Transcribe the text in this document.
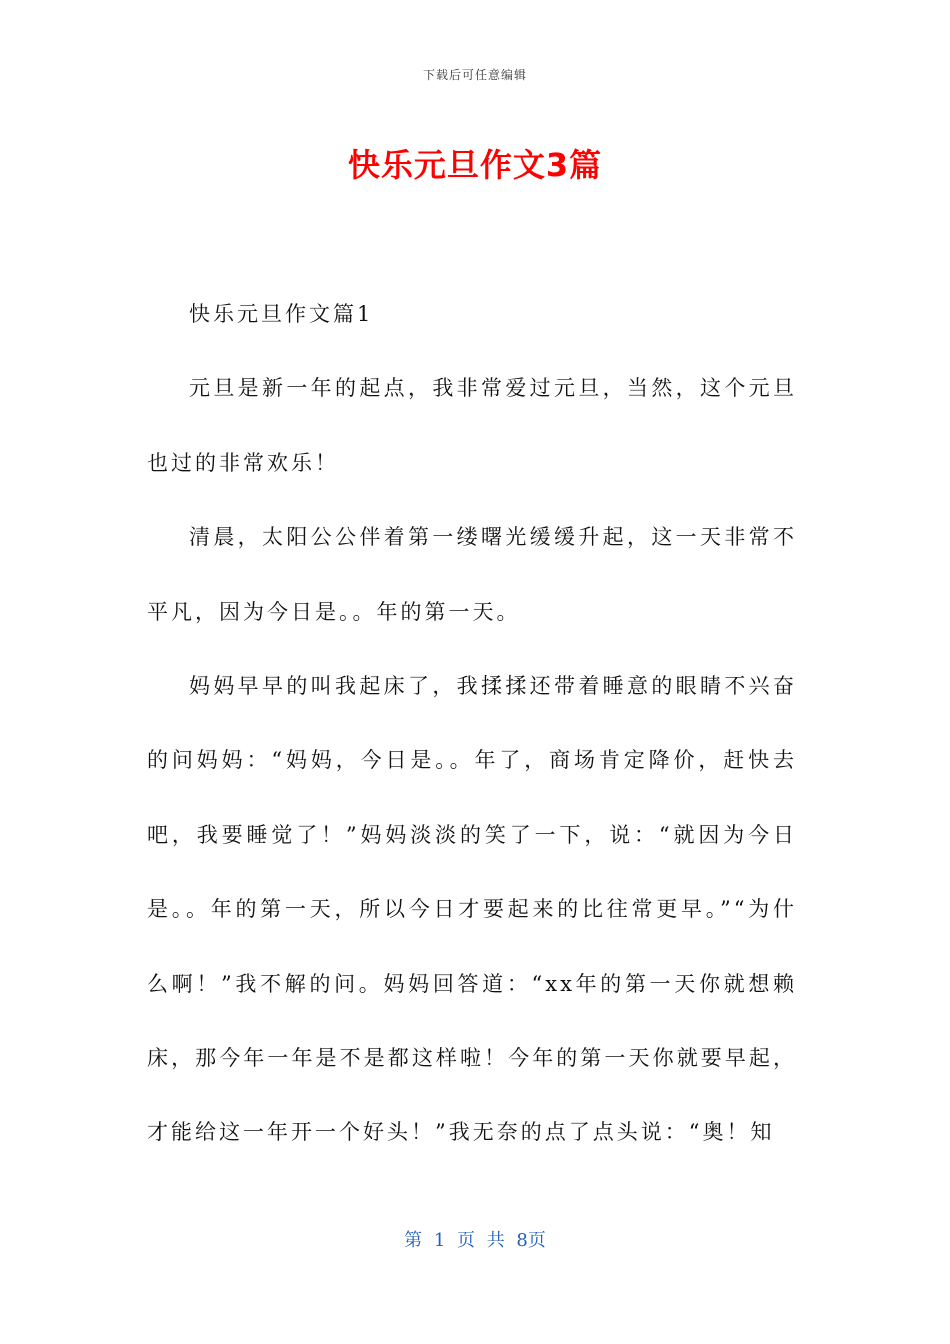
下载后可任意编辑
快乐元旦作文3篇

快乐元旦作文篇1

元旦是新一年的起点，我非常爱过元旦，当然，这个元旦也过的非常欢乐！

清晨，太阳公公伴着第一缕曙光缓缓升起，这一天非常不平凡，因为今日是。。年的第一天。

妈妈早早的叫我起床了，我揉揉还带着睡意的眼睛不兴奋的问妈妈：“妈妈，今日是。。年了，商场肯定降价，赶快去吧，我要睡觉了！”妈妈淡淡的笑了一下，说：“就因为今日是。。年的第一天，所以今日才要起来的比往常更早。”“为什么啊！”我不解的问。妈妈回答道：“xx年的第一天你就想赖床，那今年一年是不是都这样啦！今年的第一天你就要早起，才能给这一年开一个好头！”我无奈的点了点头说：“奥！知

第 1 页 共 8页
